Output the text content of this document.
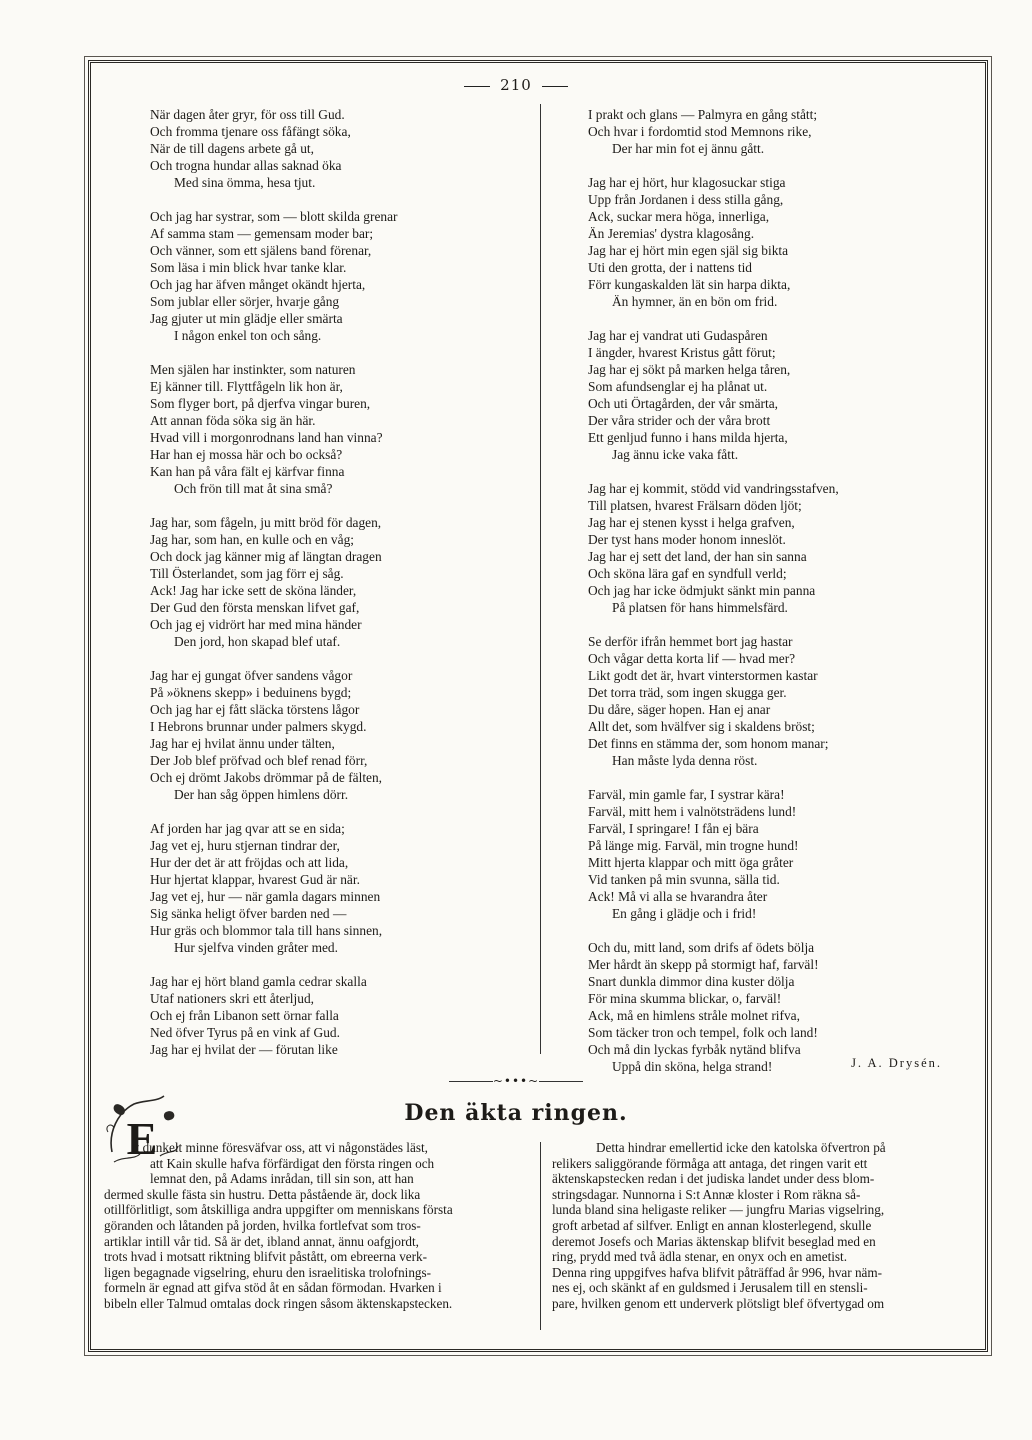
210
När dagen åter gryr, för oss till Gud.
Och fromma tjenare oss fåfängt söka,
När de till dagens arbete gå ut,
Och trogna hundar allas saknad öka
Med sina ömma, hesa tjut.
Och jag har systrar, som — blott skilda grenar
Af samma stam — gemensam moder bar;
Och vänner, som ett själens band förenar,
Som läsa i min blick hvar tanke klar.
Och jag har äfven månget okändt hjerta,
Som jublar eller sörjer, hvarje gång
Jag gjuter ut min glädje eller smärta
I någon enkel ton och sång.
Men själen har instinkter, som naturen
Ej känner till. Flyttfågeln lik hon är,
Som flyger bort, på djerfva vingar buren,
Att annan föda söka sig än här.
Hvad vill i morgonrodnans land han vinna?
Har han ej mossa här och bo också?
Kan han på våra fält ej kärfvar finna
Och frön till mat åt sina små?
Jag har, som fågeln, ju mitt bröd för dagen,
Jag har, som han, en kulle och en våg;
Och dock jag känner mig af längtan dragen
Till Österlandet, som jag förr ej såg.
Ack! Jag har icke sett de sköna länder,
Der Gud den första menskan lifvet gaf,
Och jag ej vidrört har med mina händer
Den jord, hon skapad blef utaf.
Jag har ej gungat öfver sandens vågor
På »öknens skepp» i beduinens bygd;
Och jag har ej fått släcka törstens lågor
I Hebrons brunnar under palmers skygd.
Jag har ej hvilat ännu under tälten,
Der Job blef pröfvad och blef renad förr,
Och ej drömt Jakobs drömmar på de fälten,
Der han såg öppen himlens dörr.
Af jorden har jag qvar att se en sida;
Jag vet ej, huru stjernan tindrar der,
Hur der det är att fröjdas och att lida,
Hur hjertat klappar, hvarest Gud är när.
Jag vet ej, hur — när gamla dagars minnen
Sig sänka heligt öfver barden ned —
Hur gräs och blommor tala till hans sinnen,
Hur sjelfva vinden gråter med.
Jag har ej hört bland gamla cedrar skalla
Utaf nationers skri ett återljud,
Och ej från Libanon sett örnar falla
Ned öfver Tyrus på en vink af Gud.
Jag har ej hvilat der — förutan like
I prakt och glans — Palmyra en gång stått;
Och hvar i fordomtid stod Memnons rike,
Der har min fot ej ännu gått.
Jag har ej hört, hur klagosuckar stiga
Upp från Jordanen i dess stilla gång,
Ack, suckar mera höga, innerliga,
Än Jeremias' dystra klagosång.
Jag har ej hört min egen själ sig bikta
Uti den grotta, der i nattens tid
Förr kungaskalden lät sin harpa dikta,
Än hymner, än en bön om frid.
Jag har ej vandrat uti Gudaspåren
I ängder, hvarest Kristus gått förut;
Jag har ej sökt på marken helga tåren,
Som afundsenglar ej ha plånat ut.
Och uti Örtagården, der vår smärta,
Der våra strider och der våra brott
Ett genljud funno i hans milda hjerta,
Jag ännu icke vaka fått.
Jag har ej kommit, stödd vid vandringsstafven,
Till platsen, hvarest Frälsarn döden ljöt;
Jag har ej stenen kysst i helga grafven,
Der tyst hans moder honom inneslöt.
Jag har ej sett det land, der han sin sanna
Och sköna lära gaf en syndfull verld;
Och jag har icke ödmjukt sänkt min panna
På platsen för hans himmelsfärd.
Se derför ifrån hemmet bort jag hastar
Och vågar detta korta lif — hvad mer?
Likt godt det är, hvart vinterstormen kastar
Det torra träd, som ingen skugga ger.
Du dåre, säger hopen. Han ej anar
Allt det, som hvälfver sig i skaldens bröst;
Det finns en stämma der, som honom manar;
Han måste lyda denna röst.
Farväl, min gamle far, I systrar kära!
Farväl, mitt hem i valnötsträdens lund!
Farväl, I springare! I fån ej bära
På länge mig. Farväl, min trogne hund!
Mitt hjerta klappar och mitt öga gråter
Vid tanken på min svunna, sälla tid.
Ack! Må vi alla se hvarandra åter
En gång i glädje och i frid!
Och du, mitt land, som drifs af ödets bölja
Mer hårdt än skepp på stormigt haf, farväl!
Snart dunkla dimmor dina kuster dölja
För mina skumma blickar, o, farväl!
Ack, må en himlens stråle molnet rifva,
Som täcker tron och tempel, folk och land!
Och må din lyckas fyrbåk nytänd blifva
Uppå din sköna, helga strand!	J. A. Drysén.
~•••~
E	Den äkta ringen.
tt dunkelt minne föresväfvar oss, att vi någonstädes läst,
att Kain skulle hafva förfärdigat den första ringen och
lemnat den, på Adams inrådan, till sin son, att han
dermed skulle fästa sin hustru. Detta påstående är, dock lika
otillförlitligt, som åtskilliga andra uppgifter om menniskans första
göranden och låtanden på jorden, hvilka fortlefvat som tros-
artiklar intill vår tid. Så är det, ibland annat, ännu oafgjordt,
trots hvad i motsatt riktning blifvit påstått, om ebreerna verk-
ligen begagnade vigselring, ehuru den israelitiska trolofnings-
formeln är egnad att gifva stöd åt en sådan förmodan. Hvarken i
bibeln eller Talmud omtalas dock ringen såsom äktenskapstecken.
Detta hindrar emellertid icke den katolska öfvertron på
relikers saliggörande förmåga att antaga, det ringen varit ett
äktenskapstecken redan i det judiska landet under dess blom-
stringsdagar. Nunnorna i S:t Annæ kloster i Rom räkna så-
lunda bland sina heligaste reliker — jungfru Marias vigselring,
groft arbetad af silfver. Enligt en annan klosterlegend, skulle
deremot Josefs och Marias äktenskap blifvit beseglad med en
ring, prydd med två ädla stenar, en onyx och en ametist.
Denna ring uppgifves hafva blifvit påträffad år 996, hvar näm-
nes ej, och skänkt af en guldsmed i Jerusalem till en stensli-
pare, hvilken genom ett underverk plötsligt blef öfvertygad om
